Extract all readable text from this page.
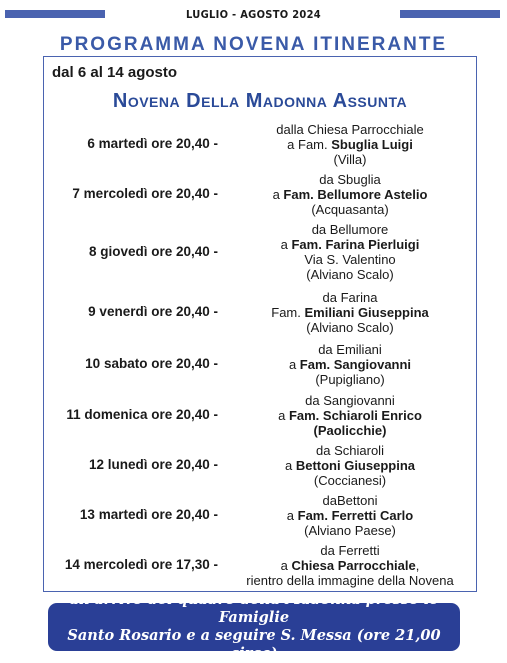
LUGLIO - AGOSTO 2024
PROGRAMMA NOVENA ITINERANTE
dal 6 al 14 agosto
Novena Della Madonna Assunta
6 martedì ore 20,40 -
dalla Chiesa Parrocchiale
a Fam. Sbuglia Luigi
(Villa)
7 mercoledì ore 20,40 -
da Sbuglia
a Fam. Bellumore Astelio
(Acquasanta)
8 giovedì ore 20,40 -
da Bellumore
a Fam. Farina Pierluigi
Via S. Valentino
(Alviano Scalo)
9 venerdì ore 20,40 -
da Farina
Fam. Emiliani Giuseppina
(Alviano Scalo)
10 sabato ore 20,40 -
da Emiliani
a Fam. Sangiovanni
(Pupigliano)
11 domenica ore 20,40 -
da Sangiovanni
a Fam. Schiaroli Enrico
(Paolicchie)
12 lunedì ore 20,40 -
da Schiaroli
a Bettoni Giuseppina
(Coccianesi)
13 martedì ore 20,40 -
daBettoni
a Fam. Ferretti Carlo
(Alviano Paese)
14 mercoledì ore 17,30 -
da Ferretti
a Chiesa Parrocchiale,
rientro della immagine della Novena
all'arrivo del quadro della Madonna presso le Famiglie
Santo Rosario e a seguire S. Messa (ore 21,00 circa)
